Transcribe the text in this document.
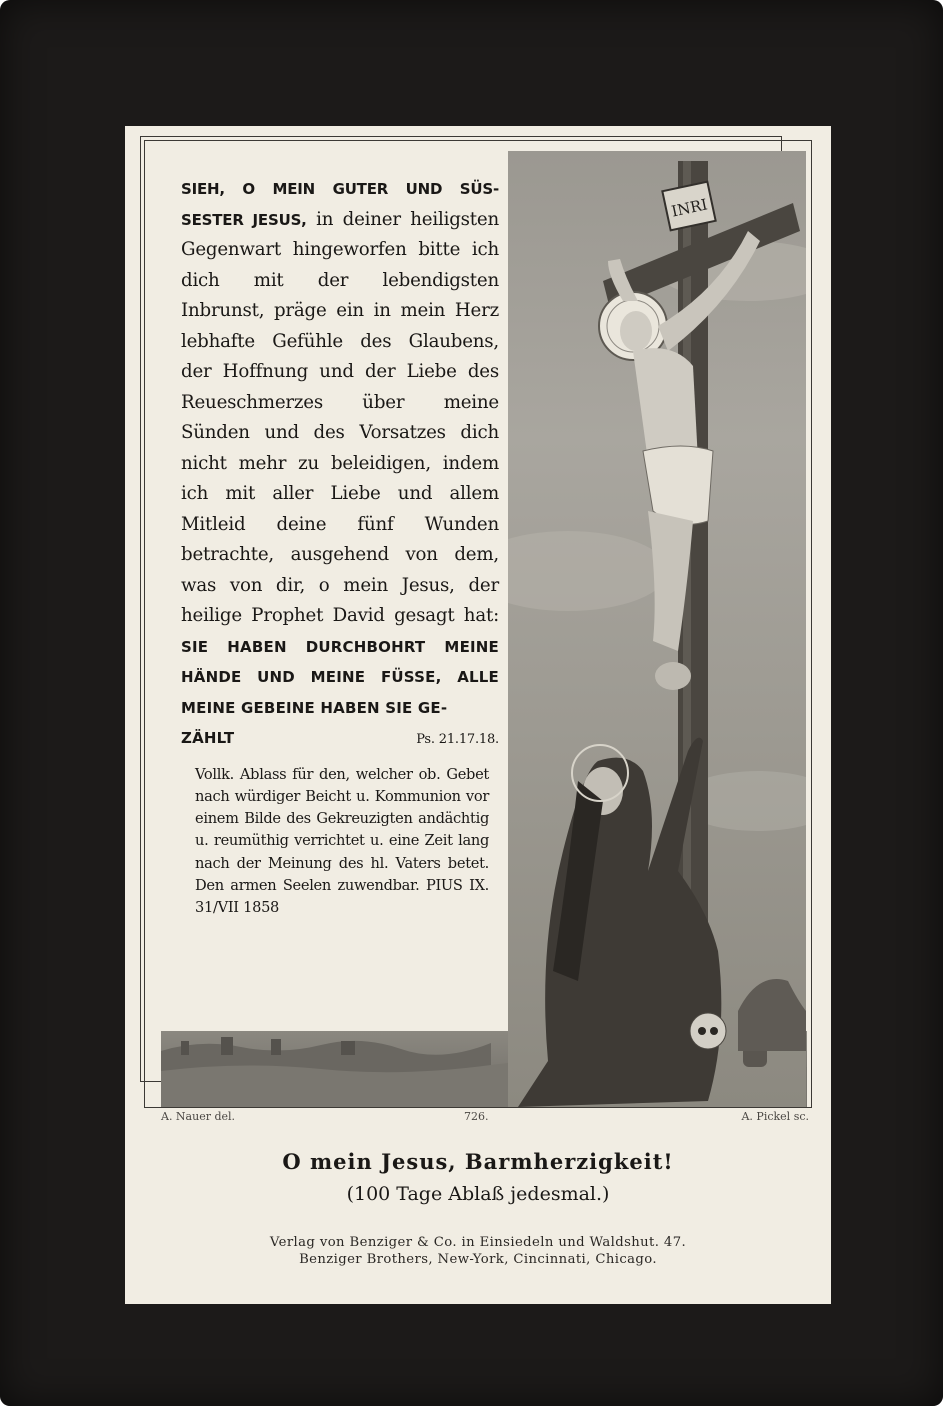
INRI
SIEH, O MEIN GUTER UND SÜS-SESTER JESUS, in deiner heiligsten Gegenwart hingeworfen bitte ich dich mit der lebendigsten Inbrunst, präge ein in mein Herz lebhafte Gefühle des Glaubens, der Hoffnung und der Liebe des Reueschmerzes über meine Sünden und des Vorsatzes dich nicht mehr zu beleidigen, indem ich mit aller Liebe und allem Mitleid deine fünf Wunden betrachte, ausgehend von dem, was von dir, o mein Jesus, der heilige Prophet David gesagt hat: SIE HABEN DURCHBOHRT MEINE HÄNDE UND MEINE FÜSSE, ALLE MEINE GEBEINE HABEN SIE GE-
ZÄHLT	Ps. 21.17.18.
Vollk. Ablass für den, welcher ob. Gebet nach würdiger Beicht u. Kommunion vor einem Bilde des Gekreuzigten andächtig u. reumüthig verrichtet u. eine Zeit lang nach der Meinung des hl. Vaters betet. Den armen Seelen zuwendbar. PIUS IX. 31/VII 1858
A. Nauer del.	726.	A. Pickel sc.
O mein Jesus, Barmherzigkeit!
(100 Tage Ablaß jedesmal.)
Verlag von Benziger & Co. in Einsiedeln und Waldshut. 47.
Benziger Brothers, New-York, Cincinnati, Chicago.
